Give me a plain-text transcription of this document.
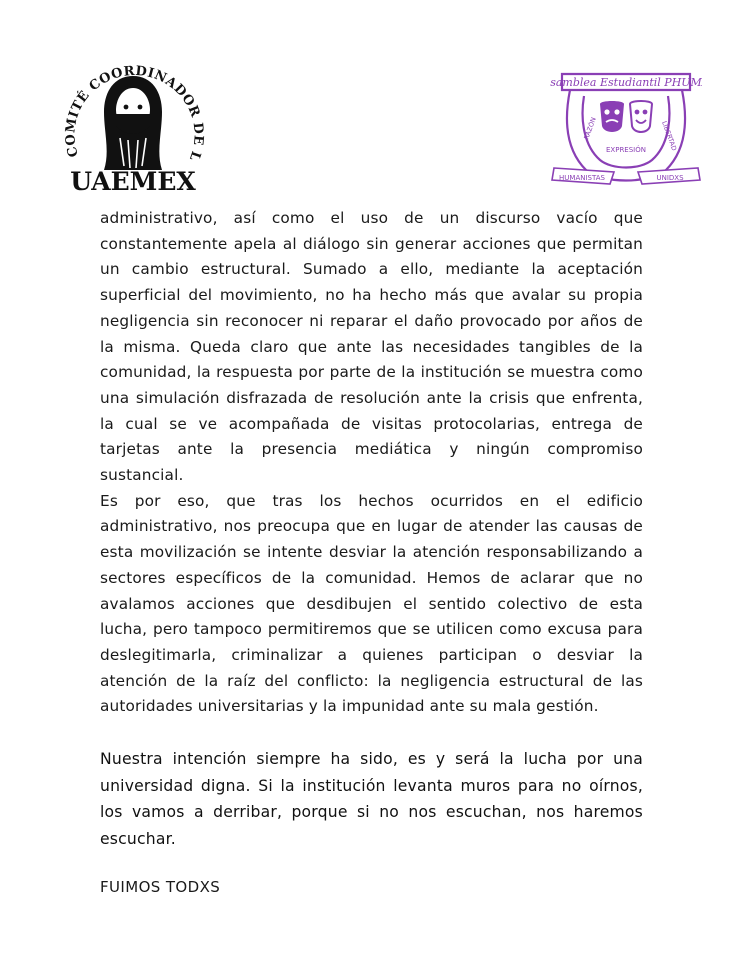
COMITÉ COORDINADOR DE L
UAEMEX
Asamblea Estudiantil PHUMA
RAZÓN
EXPRESIÓN LIBERTAD
HUMANISTAS	UNIDXS

administrativo, así como el uso de un discurso vacío que constantemente apela al diálogo sin generar acciones que permitan un cambio estructural. Sumado a ello, mediante la aceptación superficial del movimiento, no ha hecho más que avalar su propia negligencia sin reconocer ni reparar el daño provocado por años de la misma. Queda claro que ante las necesidades tangibles de la comunidad, la respuesta por parte de la institución se muestra como una simulación disfrazada de resolución ante la crisis que enfrenta, la cual se ve acompañada de visitas protocolarias, entrega de tarjetas ante la presencia mediática y ningún compromiso sustancial.

Es por eso, que tras los hechos ocurridos en el edificio administrativo, nos preocupa que en lugar de atender las causas de esta movilización se intente desviar la atención responsabilizando a sectores específicos de la comunidad. Hemos de aclarar que no avalamos acciones que desdibujen el sentido colectivo de esta lucha, pero tampoco permitiremos que se utilicen como excusa para deslegitimarla, criminalizar a quienes participan o desviar la atención de la raíz del conflicto: la negligencia estructural de las autoridades universitarias y la impunidad ante su mala gestión.

Nuestra intención siempre ha sido, es y será la lucha por una universidad digna. Si la institución levanta muros para no oírnos, los vamos a derribar, porque si no nos escuchan, nos haremos escuchar.

FUIMOS TODXS
